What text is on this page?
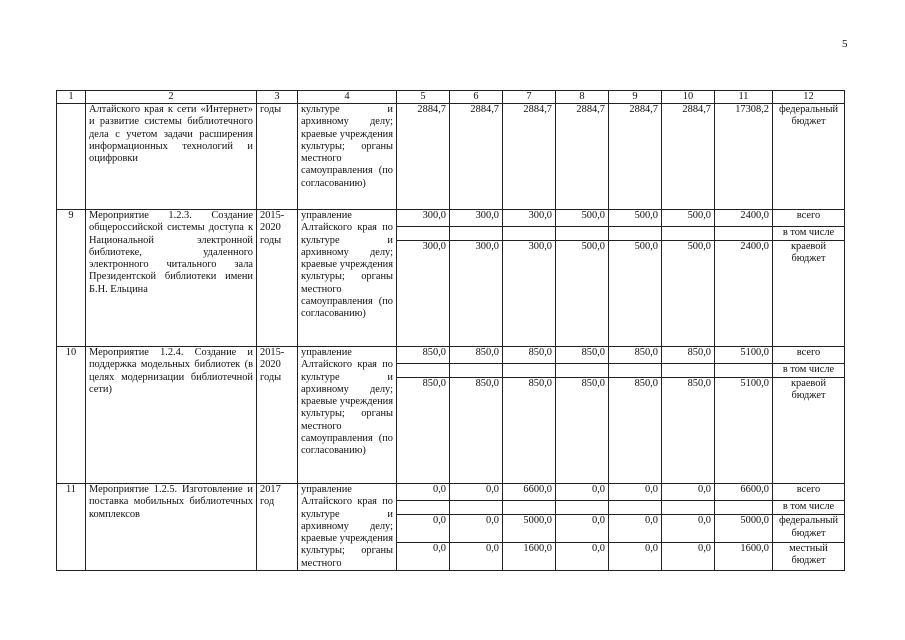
5
1	2	3	4	5	6	7	8	9	10	11	12
	Алтайского края к сети «Интернет» и развитие системы библиотечного дела с учетом задачи расширения информационных технологий и оцифровки	годы	культуре и архивному делу; краевые учреждения культуры; органы местного самоуправления (по согласованию)	2884,7	2884,7	2884,7	2884,7	2884,7	2884,7	17308,2	федеральный бюджет
9	Мероприятие 1.2.3. Создание общероссийской системы доступа к Национальной электронной библиотеке, удаленного электронного читального зала Президентской библиотеки имени Б.Н. Ельцина	2015-2020 годы	управление Алтайского края по культуре и архивному делу; краевые учреждения культуры; органы местного самоуправления (по согласованию)	300,0	300,0	300,0	500,0	500,0	500,0	2400,0	всего
											в том числе
				300,0	300,0	300,0	500,0	500,0	500,0	2400,0	краевой бюджет
10	Мероприятие 1.2.4. Создание и поддержка модельных библиотек (в целях модернизации библиотечной сети)	2015-2020 годы	управление Алтайского края по культуре и архивному делу; краевые учреждения культуры; органы местного самоуправления (по согласованию)	850,0	850,0	850,0	850,0	850,0	850,0	5100,0	всего
											в том числе
				850,0	850,0	850,0	850,0	850,0	850,0	5100,0	краевой бюджет
11	Мероприятие 1.2.5. Изготовление и поставка мобильных библиотечных комплексов	2017 год	управление Алтайского края по культуре и архивному делу; краевые учреждения культуры; органы местного	0,0	0,0	6600,0	0,0	0,0	0,0	6600,0	всего
											в том числе
				0,0	0,0	5000,0	0,0	0,0	0,0	5000,0	федеральный бюджет
				0,0	0,0	1600,0	0,0	0,0	0,0	1600,0	местный бюджет
